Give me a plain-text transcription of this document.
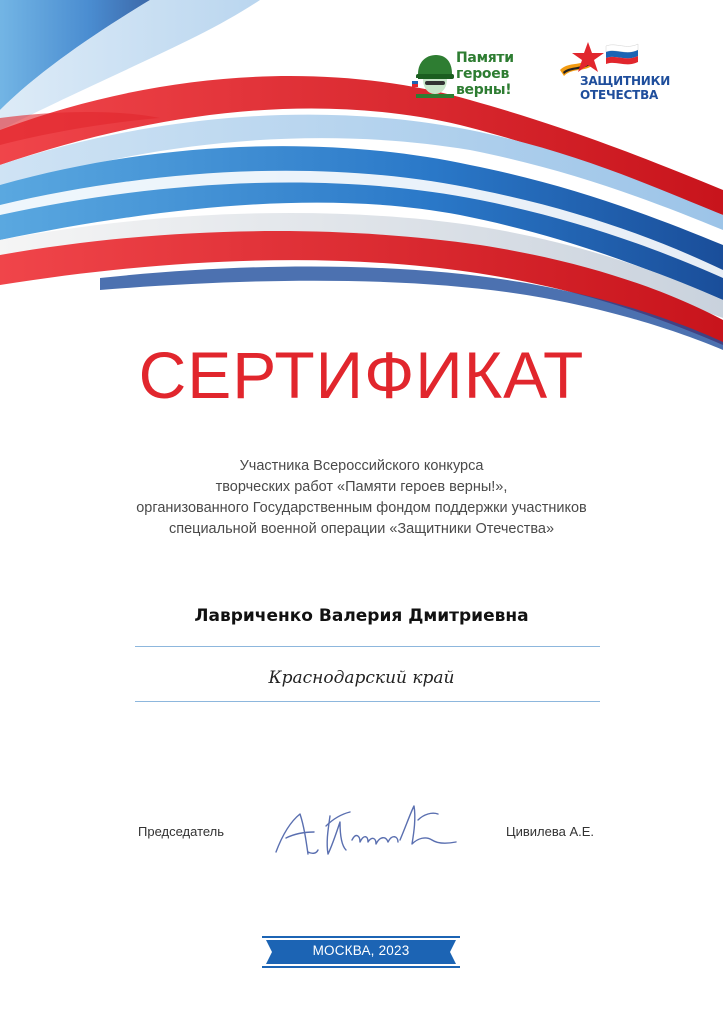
Памяти
героев
верны!
ЗАЩИТНИКИ
ОТЕЧЕСТВА
СЕРТИФИКАТ
Участника Всероссийского конкурса
творческих работ «Памяти героев верны!»,
организованного Государственным фондом поддержки участников
специальной военной операции «Защитники Отечества»
Лавриченко Валерия Дмитриевна
Краснодарский край
Председатель	Цивилева А.Е.
МОСКВА, 2023
